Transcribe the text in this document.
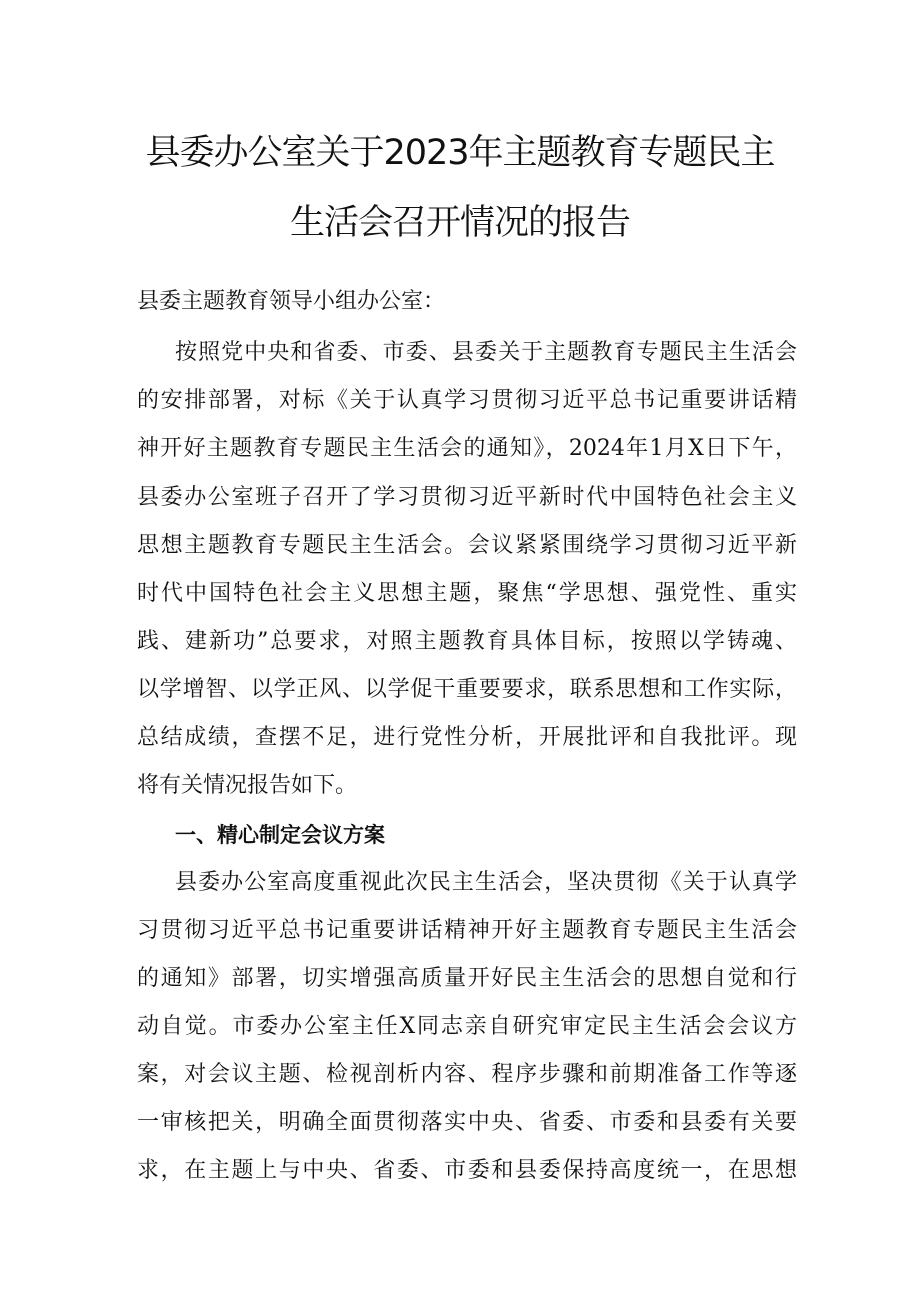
县委办公室关于2023年主题教育专题民主
生活会召开情况的报告
县委主题教育领导小组办公室：
按照党中央和省委、市委、县委关于主题教育专题民主生活会
的安排部署，对标《关于认真学习贯彻习近平总书记重要讲话精
神开好主题教育专题民主生活会的通知》，2024年1月X日下午，
县委办公室班子召开了学习贯彻习近平新时代中国特色社会主义
思想主题教育专题民主生活会。会议紧紧围绕学习贯彻习近平新
时代中国特色社会主义思想主题，聚焦“学思想、强党性、重实
践、建新功”总要求，对照主题教育具体目标，按照以学铸魂、
以学增智、以学正风、以学促干重要要求，联系思想和工作实际，
总结成绩，查摆不足，进行党性分析，开展批评和自我批评。现
将有关情况报告如下。
一、精心制定会议方案
县委办公室高度重视此次民主生活会，坚决贯彻《关于认真学
习贯彻习近平总书记重要讲话精神开好主题教育专题民主生活会
的通知》部署，切实增强高质量开好民主生活会的思想自觉和行
动自觉。市委办公室主任X同志亲自研究审定民主生活会会议方
案，对会议主题、检视剖析内容、程序步骤和前期准备工作等逐
一审核把关，明确全面贯彻落实中央、省委、市委和县委有关要
求，在主题上与中央、省委、市委和县委保持高度统一，在思想
